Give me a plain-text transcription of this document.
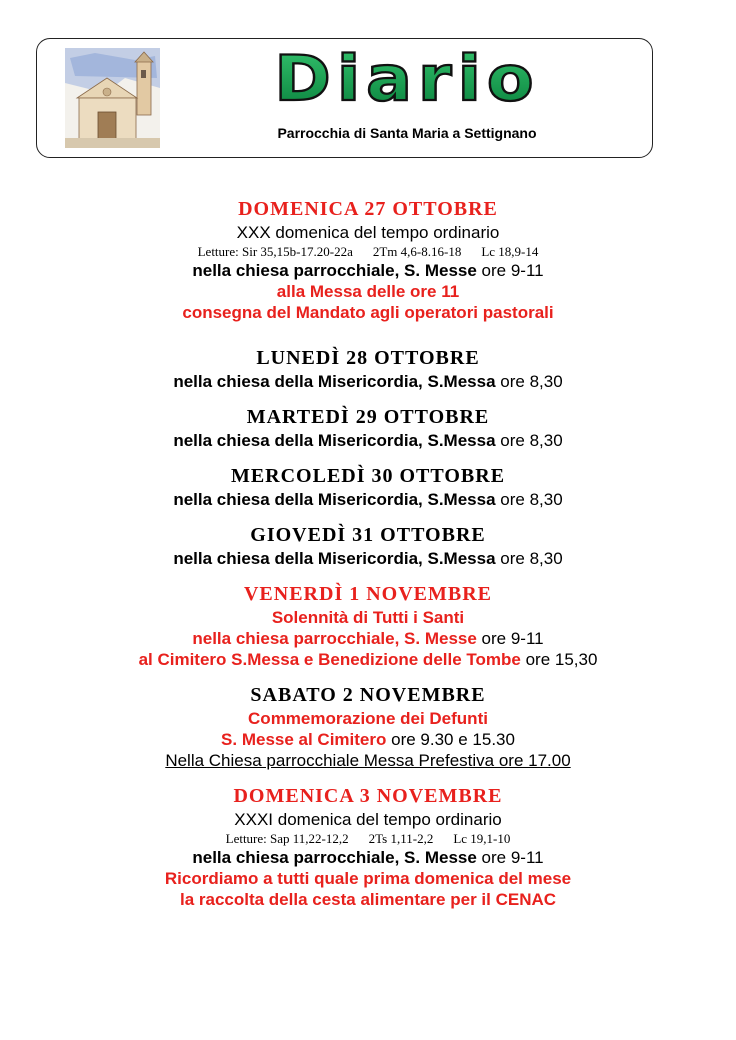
Diario
Parrocchia di Santa Maria a Settignano

DOMENICA 27 OTTOBRE

XXX domenica del tempo ordinario

Letture: Sir 35,15b-17.20-22a 2Tm 4,6-8.16-18 Lc 18,9-14

nella chiesa parrocchiale, S. Messe ore 9-11

alla Messa delle ore 11

consegna del Mandato agli operatori pastorali

LUNEDÌ 28 OTTOBRE

nella chiesa della Misericordia, S.Messa ore 8,30

MARTEDÌ 29 OTTOBRE

nella chiesa della Misericordia, S.Messa ore 8,30

MERCOLEDÌ 30 OTTOBRE

nella chiesa della Misericordia, S.Messa ore 8,30

GIOVEDÌ 31 OTTOBRE

nella chiesa della Misericordia, S.Messa ore 8,30

VENERDÌ 1 NOVEMBRE

Solennità di Tutti i Santi

nella chiesa parrocchiale, S. Messe ore 9-11

al Cimitero S.Messa e Benedizione delle Tombe ore 15,30

SABATO 2 NOVEMBRE

Commemorazione dei Defunti

S. Messe al Cimitero ore 9.30 e 15.30

Nella Chiesa parrocchiale Messa Prefestiva ore 17.00

DOMENICA 3 NOVEMBRE

XXXI domenica del tempo ordinario

Letture: Sap 11,22-12,2 2Ts 1,11-2,2 Lc 19,1-10

nella chiesa parrocchiale, S. Messe ore 9-11

Ricordiamo a tutti quale prima domenica del mese

la raccolta della cesta alimentare per il CENAC
